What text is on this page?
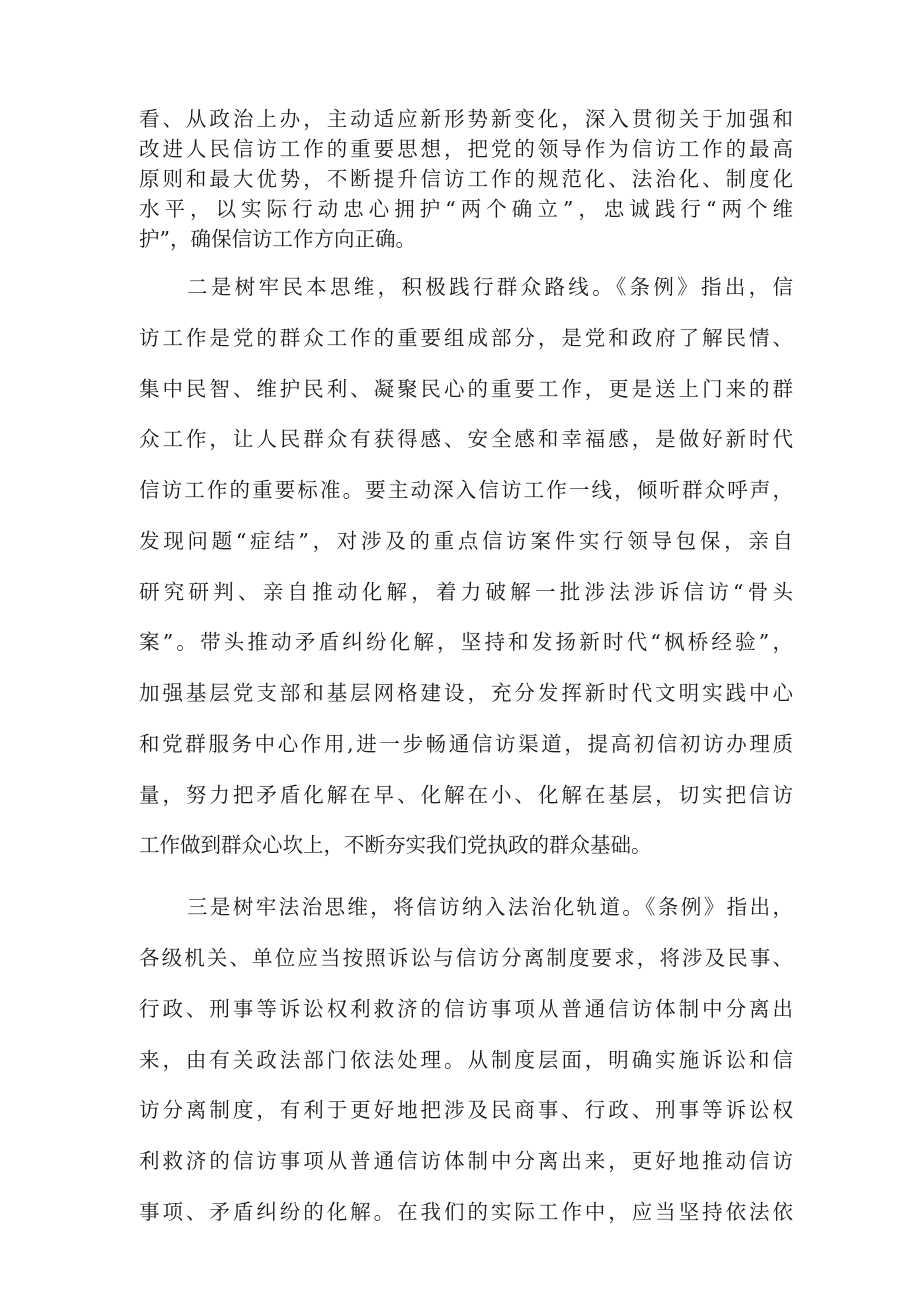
看、从政治上办，主动适应新形势新变化，深入贯彻关于加强和

改进人民信访工作的重要思想，把党的领导作为信访工作的最高

原则和最大优势，不断提升信访工作的规范化、法治化、制度化

水平，以实际行动忠心拥护“两个确立”，忠诚践行“两个维

护”，确保信访工作方向正确。

二是树牢民本思维，积极践行群众路线。《条例》指出，信

访工作是党的群众工作的重要组成部分，是党和政府了解民情、

集中民智、维护民利、凝聚民心的重要工作，更是送上门来的群

众工作，让人民群众有获得感、安全感和幸福感，是做好新时代

信访工作的重要标准。要主动深入信访工作一线，倾听群众呼声，

发现问题“症结”，对涉及的重点信访案件实行领导包保，亲自

研究研判、亲自推动化解，着力破解一批涉法涉诉信访“骨头

案”。带头推动矛盾纠纷化解，坚持和发扬新时代“枫桥经验”，

加强基层党支部和基层网格建设，充分发挥新时代文明实践中心

和党群服务中心作用,进一步畅通信访渠道，提高初信初访办理质

量，努力把矛盾化解在早、化解在小、化解在基层，切实把信访

工作做到群众心坎上，不断夯实我们党执政的群众基础。

三是树牢法治思维，将信访纳入法治化轨道。《条例》指出，

各级机关、单位应当按照诉讼与信访分离制度要求，将涉及民事、

行政、刑事等诉讼权利救济的信访事项从普通信访体制中分离出

来，由有关政法部门依法处理。从制度层面，明确实施诉讼和信

访分离制度，有利于更好地把涉及民商事、行政、刑事等诉讼权

利救济的信访事项从普通信访体制中分离出来，更好地推动信访

事项、矛盾纠纷的化解。在我们的实际工作中，应当坚持依法依
